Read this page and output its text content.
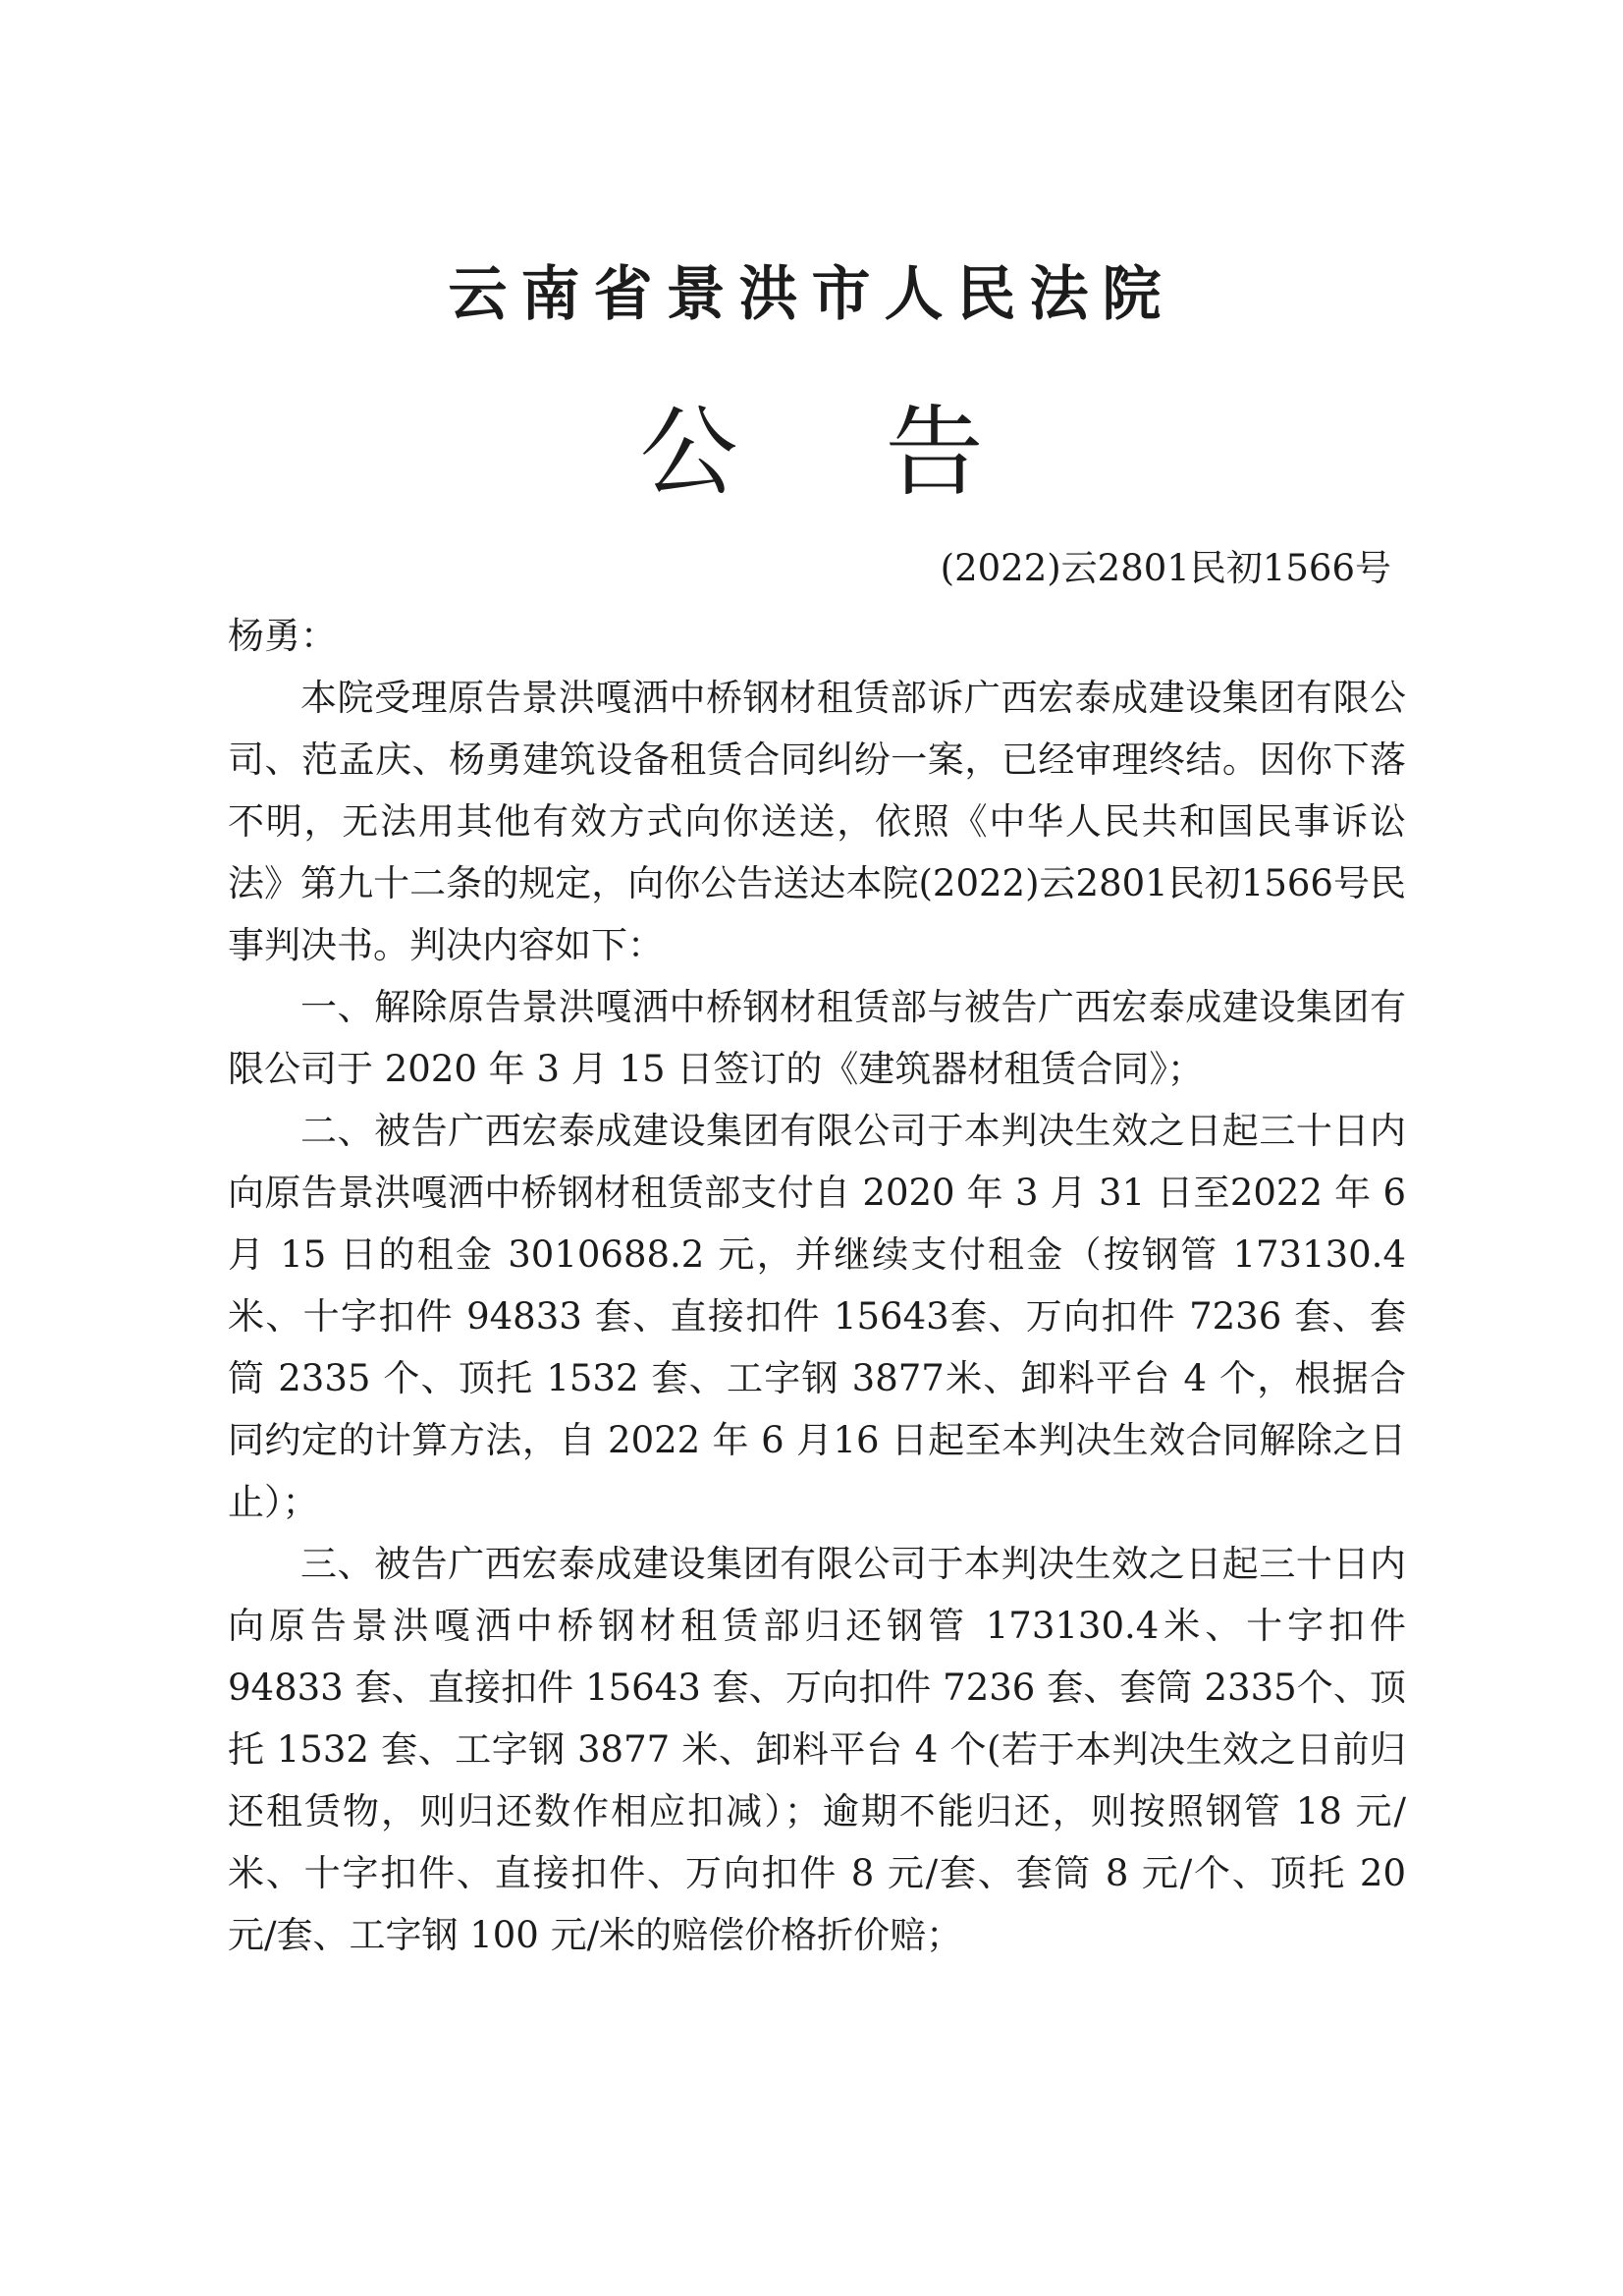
云南省景洪市人民法院
公告
(2022)云2801民初1566号

杨勇：

本院受理原告景洪嘎洒中桥钢材租赁部诉广西宏泰成建设集团有限公司、范孟庆、杨勇建筑设备租赁合同纠纷一案，已经审理终结。因你下落不明，无法用其他有效方式向你送送，依照《中华人民共和国民事诉讼法》第九十二条的规定，向你公告送达本院(2022)云2801民初1566号民事判决书。判决内容如下：

一、解除原告景洪嘎洒中桥钢材租赁部与被告广西宏泰成建设集团有限公司于 2020 年 3 月 15 日签订的《建筑器材租赁合同》；

二、被告广西宏泰成建设集团有限公司于本判决生效之日起三十日内向原告景洪嘎洒中桥钢材租赁部支付自 2020 年 3 月 31 日至2022 年 6 月 15 日的租金 3010688.2 元，并继续支付租金（按钢管 173130.4 米、十字扣件 94833 套、直接扣件 15643套、万向扣件 7236 套、套筒 2335 个、顶托 1532 套、工字钢 3877米、卸料平台 4 个，根据合同约定的计算方法，自 2022 年 6 月16 日起至本判决生效合同解除之日止）；

三、被告广西宏泰成建设集团有限公司于本判决生效之日起三十日内向原告景洪嘎洒中桥钢材租赁部归还钢管 173130.4米、十字扣件 94833 套、直接扣件 15643 套、万向扣件 7236 套、套筒 2335个、顶托 1532 套、工字钢 3877 米、卸料平台 4 个(若于本判决生效之日前归还租赁物，则归还数作相应扣减）；逾期不能归还，则按照钢管 18 元/米、十字扣件、直接扣件、万向扣件 8 元/套、套筒 8 元/个、顶托 20 元/套、工字钢 100 元/米的赔偿价格折价赔；
